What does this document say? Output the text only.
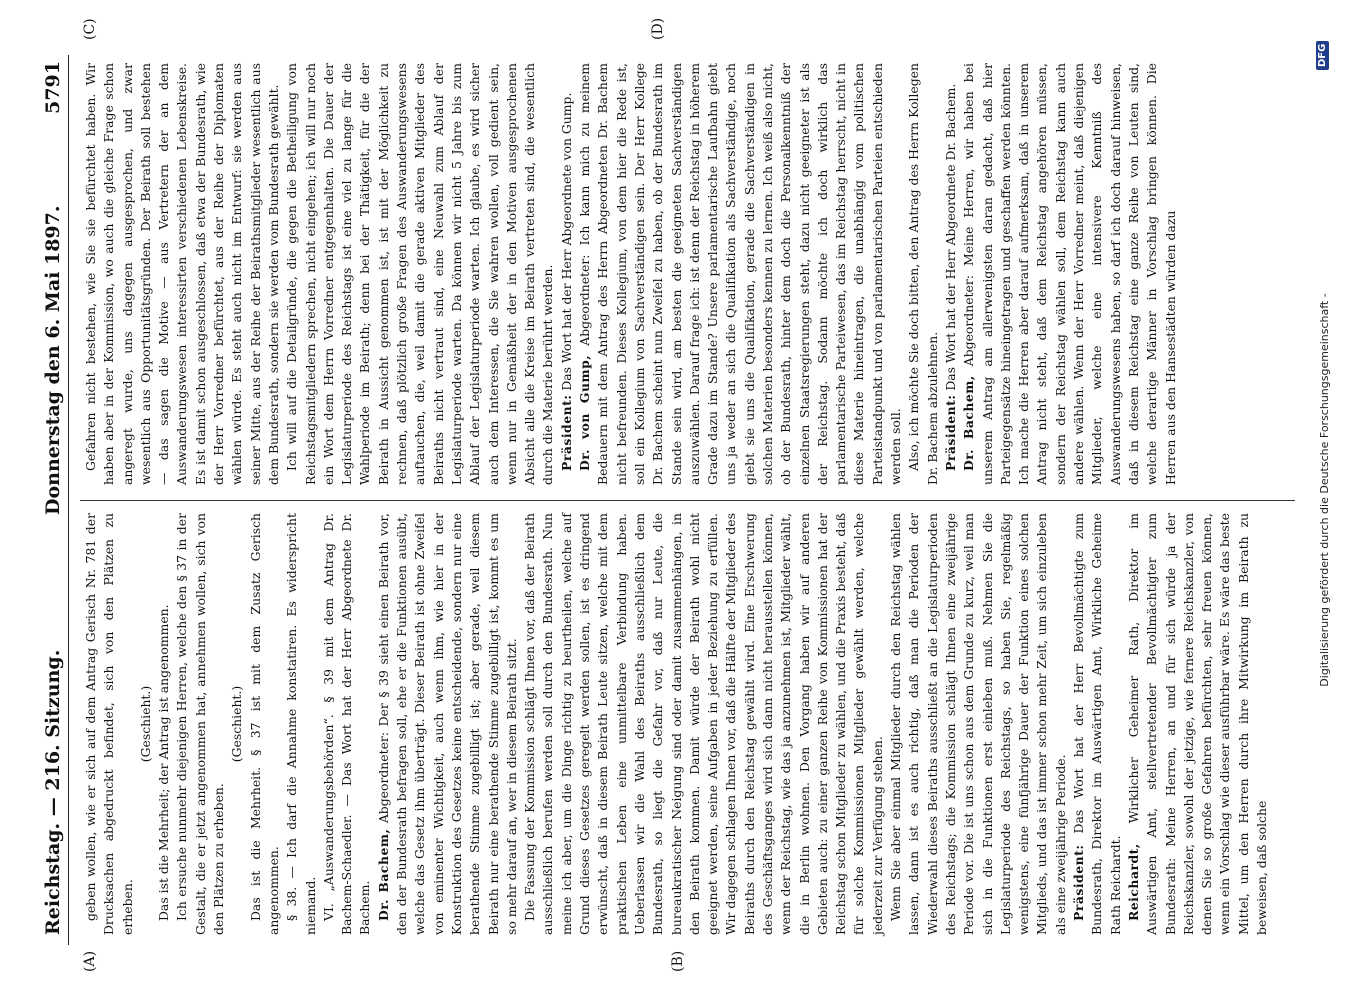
Reichstag. — 216. Sitzung.
Donnerstag den 6. Mai 1897.
5791
(A)	(B)
(C)	(D)

geben wollen, wie er sich auf dem Antrag Gerisch Nr. 781 der Drucksachen abgedruckt befindet, sich von den Plätzen zu erheben.

(Geschieht.) Das ist die Mehrheit; der Antrag ist angenommen. Ich ersuche nunmehr diejenigen Herren, welche den § 37 in der Gestalt, die er jetzt angenommen hat, annehmen wollen, sich von den Plätzen zu erheben.

(Geschieht.) Das ist die Mehrheit. § 37 ist mit dem Zusatz Gerisch angenommen. § 38. — Ich darf die Annahme konstatiren. Es widerspricht niemand. VI. „Auswanderungsbehörden“. § 39 mit dem Antrag Dr. Bachem-Schaedler. — Das Wort hat der Herr Abgeordnete Dr. Bachem. Dr. Bachem, Abgeordneter: Der § 39 sieht einen Beirath vor, den der Bundesrath befragen soll, ehe er die Funktionen ausübt, welche das Gesetz ihm überträgt. Dieser Beirath ist ohne Zweifel von eminenter Wichtigkeit, auch wenn ihm, wie hier in der Konstruktion des Gesetzes keine entscheidende, sondern nur eine berathende Stimme zugebilligt ist; aber gerade, weil diesem Beirath nur eine berathende Stimme zugebilligt ist, kommt es um so mehr darauf an, wer in diesem Beirath sitzt. Die Fassung der Kommission schlägt Ihnen vor, daß der Beirath ausschließlich berufen werden soll durch den Bundesrath. Nun meine ich aber, um die Dinge richtig zu beurtheilen, welche auf Grund dieses Gesetzes geregelt werden sollen, ist es dringend erwünscht, daß in diesem Beirath Leute sitzen, welche mit dem praktischen Leben eine unmittelbare Verbindung haben. Ueberlassen wir die Wahl des Beiraths ausschließlich dem Bundesrath, so liegt die Gefahr vor, daß nur Leute, die bureaukratischer Neigung sind oder damit zusammenhängen, in den Beirath kommen. Damit würde der Beirath wohl nicht geeignet werden, seine Aufgaben in jeder Beziehung zu erfüllen. Wir dagegen schlagen Ihnen vor, daß die Hälfte der Mitglieder des Beiraths durch den Reichstag gewählt wird. Eine Erschwerung des Geschäftsganges wird sich dann nicht herausstellen können, wenn der Reichstag, wie das ja anzunehmen ist, Mitglieder wählt, die in Berlin wohnen. Den Vorgang haben wir auf anderen Gebieten auch: zu einer ganzen Reihe von Kommissionen hat der Reichstag schon Mitglieder zu wählen, und die Praxis besteht, daß für solche Kommissionen Mitglieder gewählt werden, welche jederzeit zur Verfügung stehen. Wenn Sie aber einmal Mitglieder durch den Reichstag wählen lassen, dann ist es auch richtig, daß man die Perioden der Wiederwahl dieses Beiraths ausschließt an die Legislaturperioden des Reichstags; die Kommission schlägt Ihnen eine zweijährige Periode vor. Die ist uns schon aus dem Grunde zu kurz, weil man sich in die Funktionen erst einleben muß. Nehmen Sie die Legislaturperiode des Reichstags, so haben Sie, regelmäßig wenigstens, eine fünfjährige Dauer der Funktion eines solchen Mitglieds, und das ist immer schon mehr Zeit, um sich einzuleben als eine zweijährige Periode. Präsident: Das Wort hat der Herr Bevollmächtigte zum Bundesrath, Direktor im Auswärtigen Amt, Wirkliche Geheime Rath Reichardt. Reichardt, Wirklicher Geheimer Rath, Direktor im Auswärtigen Amt, stellvertretender Bevollmächtigter zum Bundesrath: Meine Herren, an und für sich würde ja der Reichskanzler, sowohl der jetzige, wie fernere Reichskanzler, von denen Sie so große Gefahren befürchten, sehr freuen können, wenn ein Vorschlag wie dieser ausführbar wäre. Es wäre das beste Mittel, um den Herren durch ihre Mitwirkung im Beirath zu beweisen, daß solche

Gefahren nicht bestehen, wie Sie sie befürchtet haben. Wir haben aber in der Kommission, wo auch die gleiche Frage schon angeregt wurde, uns dagegen ausgesprochen, und zwar wesentlich aus Opportunitätsgründen. Der Beirath soll bestehen — das sagen die Motive — aus Vertretern der an dem Auswanderungswesen interessirten verschiedenen Lebenskreise. Es ist damit schon ausgeschlossen, daß etwa der Bundesrath, wie der Herr Vorredner befürchtet, aus der Reihe der Diplomaten wählen würde. Es steht auch nicht im Entwurf: sie werden aus seiner Mitte, aus der Reihe der Beirathsmitglieder wesentlich aus dem Bundesrath, sondern sie werden vom Bundesrath gewählt. Ich will auf die Detailgründe, die gegen die Betheiligung von Reichstagsmitgliedern sprechen, nicht eingehen; ich will nur noch ein Wort dem Herrn Vorredner entgegenhalten. Die Dauer der Legislaturperiode des Reichstags ist eine viel zu lange für die Wahlperiode im Beirath; denn bei der Thätigkeit, für die der Beirath in Aussicht genommen ist, ist mit der Möglichkeit zu rechnen, daß plötzlich große Fragen des Auswanderungswesens auftauchen, die, weil damit die gerade aktiven Mitglieder des Beiraths nicht vertraut sind, eine Neuwahl zum Ablauf der Legislaturperiode warten. Da können wir nicht 5 Jahre bis zum Ablauf der Legislaturperiode warten. Ich glaube, es wird sicher auch dem Interessen, die Sie wahren wollen, voll gedient sein, wenn nur in Gemäßheit der in den Motiven ausgesprochenen Absicht alle die Kreise im Beirath vertreten sind, die wesentlich durch die Materie berührt werden. Präsident: Das Wort hat der Herr Abgeordnete von Gump.

Dr. von Gump, Abgeordneter: Ich kann mich zu meinem Bedauern mit dem Antrag des Herrn Abgeordneten Dr. Bachem nicht befreunden. Dieses Kollegium, von dem hier die Rede ist, soll ein Kollegium von Sachverständigen sein. Der Herr Kollege Dr. Bachem scheint nun Zweifel zu haben, ob der Bundesrath im Stande sein wird, am besten die geeigneten Sachverständigen auszuwählen. Darauf frage ich: ist denn der Reichstag in höherem Grade dazu im Stande? Unsere parlamentarische Laufbahn giebt uns ja weder an sich die Qualifikation als Sachverständige, noch giebt sie uns die Qualifikation, gerade die Sachverständigen in solchen Materien besonders kennen zu lernen. Ich weiß also nicht, ob der Bundesrath, hinter dem doch die Personalkenntniß der einzelnen Staatsregierungen steht, dazu nicht geeigneter ist als der Reichstag. Sodann möchte ich doch wirklich das parlamentarische Parteiwesen, das im Reichstag herrscht, nicht in diese Materie hineintragen, die unabhängig vom politischen Parteistandpunkt und von parlamentarischen Parteien entschieden werden soll. Also, ich möchte Sie doch bitten, den Antrag des Herrn Kollegen Dr. Bachem abzulehnen. Präsident: Das Wort hat der Herr Abgeordnete Dr. Bachem.

Dr. Bachem, Abgeordneter: Meine Herren, wir haben bei unserem Antrag am allerwenigsten daran gedacht, daß hier Parteigegensätze hineingetragen und geschaffen werden könnten. Ich mache die Herren aber darauf aufmerksam, daß in unserem Antrag nicht steht, daß dem Reichstag angehören müssen, sondern der Reichstag wählen soll, dem Reichstag kann auch andere wählen. Wenn der Herr Vorredner meint, daß diejenigen Mitglieder, welche eine intensivere Kenntniß des Auswanderungswesens haben, so darf ich doch darauf hinweisen, daß in diesem Reichstag eine ganze Reihe von Leuten sind, welche derartige Männer in Vorschlag bringen können. Die Herren aus den Hansestädten würden dazu	Digitalisierung gefördert durch die Deutsche Forschungsgemeinschaft -
DFG
